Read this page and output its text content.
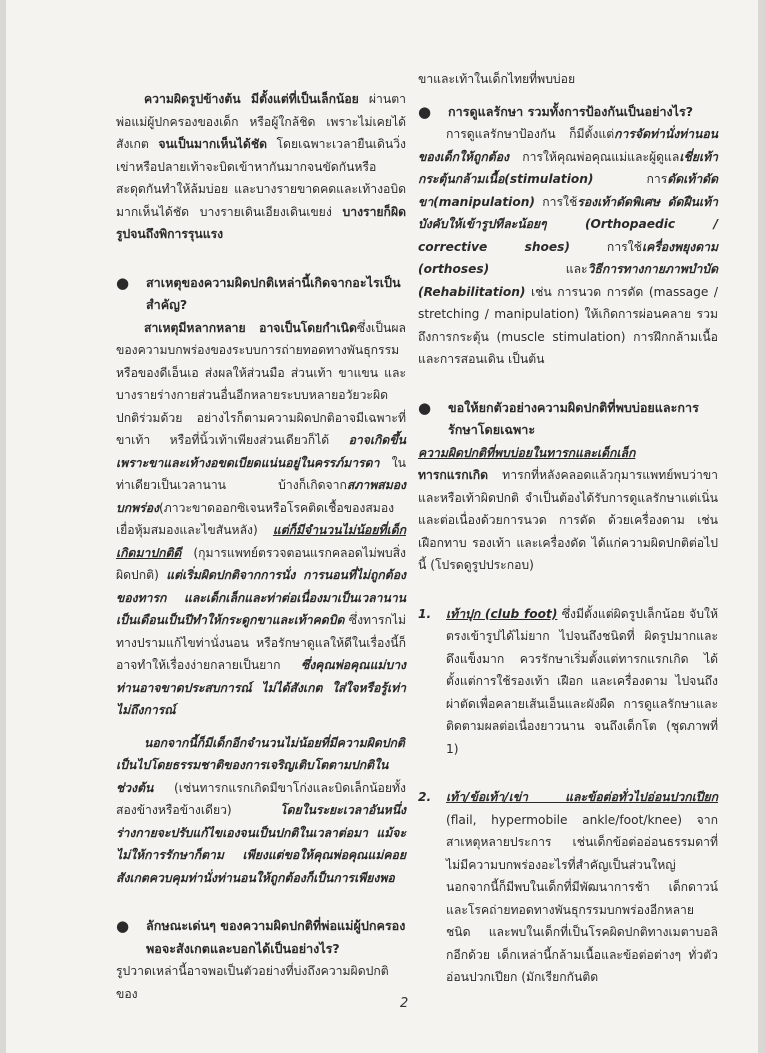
ความผิดรูปข้างต้น มีตั้งแต่ที่เป็นเล็กน้อย ผ่านตาพ่อแม่ผู้ปกครองของเด็ก หรือผู้ใกล้ชิด เพราะไม่เคยได้สังเกต จนเป็นมากเห็นได้ชัด โดยเฉพาะเวลายืนเดินวิ่ง เข่าหรือปลายเท้าจะบิดเข้าหากันมากจนขัดกันหรือสะดุดกันทำให้ล้มบ่อย และบางรายขาดคดและเท้างอบิดมากเห็นได้ชัด บางรายเดินเอียงเดินเขยง่ บางรายก็ผิดรูปจนถึงพิการรุนแรง

●	สาเหตุของความผิดปกติเหล่านี้เกิดจากอะไรเป็นสำคัญ?

สาเหตุมีหลากหลาย อาจเป็นโดยกำเนิดซึ่งเป็นผลของความบกพร่องของระบบการถ่ายทอดทางพันธุกรรมหรือของดีเอ็นเอ ส่งผลให้ส่วนมือ ส่วนเท้า ขาแขน และบางรายร่างกายส่วนอื่นอีกหลายระบบหลายอวัยวะผิดปกติร่วมด้วย อย่างไรก็ตามความผิดปกติอาจมีเฉพาะที่ขาเท้า หรือที่นิ้วเท้าเพียงส่วนเดียวก็ได้ อาจเกิดขึ้นเพราะขาและเท้างอขดเบียดแน่นอยู่ในครรภ์มารดา ในท่าเดียวเป็นเวลานาน บ้างก็เกิดจากสภาพสมองบกพร่อง(ภาวะขาดออกซิเจนหรือโรคติดเชื้อของสมอง เยื่อหุ้มสมองและไขสันหลัง) แต่ก็มีจำนวนไม่น้อยที่เด็กเกิดมาปกติดี (กุมารแพทย์ตรวจตอนแรกคลอดไม่พบสิ่งผิดปกติ) แต่เริ่มผิดปกติจากการนั่ง การนอนที่ไม่ถูกต้องของทารก และเด็กเล็กและท่าต่อเนื่องมาเป็นเวลานานเป็นเดือนเป็นปีทำให้กระดูกขาและเท้าคดบิด ซึ่งทารกไม่ทางปรามแก้ไขท่านั่งนอน หรือรักษาดูแลให้ดีในเรื่องนี้ก็อาจทำให้เรื่องง่ายกลายเป็นยาก ซึ่งคุณพ่อคุณแม่บางท่านอาจขาดประสบการณ์ ไม่ได้สังเกต ใส่ใจหรือรู้เท่าไม่ถึงการณ์

นอกจากนี้ก็มีเด็กอีกจำนวนไม่น้อยที่มีความผิดปกติเป็นไปโดยธรรมชาติของการเจริญเติบโตตามปกติในช่วงต้น (เช่นทารกแรกเกิดมีขาโก่งและบิดเล็กน้อยทั้งสองข้างหรือข้างเดียว) โดยในระยะเวลาอันหนึ่ง ร่างกายจะปรับแก้ไขเองจนเป็นปกติในเวลาต่อมา แม้จะไม่ให้การรักษาก็ตาม เพียงแต่ขอให้คุณพ่อคุณแม่คอยสังเกตควบคุมท่านั่งท่านอนให้ถูกต้องก็เป็นการเพียงพอ

●	ลักษณะเด่นๆ ของความผิดปกติที่พ่อแม่ผู้ปกครองพอจะสังเกตและบอกได้เป็นอย่างไร?

รูปวาดเหล่านี้อาจพอเป็นตัวอย่างที่บ่งถึงความผิดปกติของ

ขาและเท้าในเด็กไทยที่พบบ่อย

●	การดูแลรักษา รวมทั้งการป้องกันเป็นอย่างไร?

การดูแลรักษาป้องกัน ก็มีตั้งแต่การจัดท่านั่งท่านอนของเด็กให้ถูกต้อง การให้คุณพ่อคุณแม่และผู้ดูแลเชี่ยเท้ากระตุ้นกล้ามเนื้อ(stimulation) การดัดเท้าดัดขา(manipulation) การใช้รองเท้าดัดพิเศษ ดัดฝืนเท้าบังคับให้เข้ารูปทีละน้อยๆ (Orthopaedic / corrective shoes) การใช้เครื่องพยุงดาม (orthoses) และวิธีการทางกายภาพบำบัด (Rehabilitation) เช่น การนวด การดัด (massage / stretching / manipulation) ให้เกิดการผ่อนคลาย รวมถึงการกระตุ้น (muscle stimulation) การฝึกกล้ามเนื้อ และการสอนเดิน เป็นต้น

●	ขอให้ยกตัวอย่างความผิดปกติที่พบบ่อยและการรักษาโดยเฉพาะ

ความผิดปกติที่พบบ่อยในทารกและเด็กเล็ก

ทารกแรกเกิด ทารกที่หลังคลอดแล้วกุมารแพทย์พบว่าขาและหรือเท้าผิดปกติ จำเป็นต้องได้รับการดูแลรักษาแต่เนิ่นและต่อเนื่องด้วยการนวด การดัด ด้วยเครื่องดาม เช่น เฝือกทาบ รองเท้า และเครื่องดัด ได้แก่ความผิดปกติต่อไปนี้ (โปรดดูรูปประกอบ)

1.	เท้าปุก (club foot) ซึ่งมีตั้งแต่ผิดรูปเล็กน้อย จับให้ตรงเข้ารูปได้ไม่ยาก ไปจนถึงชนิดที่ ผิดรูปมากและดึงแข็งมาก ควรรักษาเริ่มตั้งแต่ทารกแรกเกิด ได้ตั้งแต่การใช้รองเท้า เฝือก และเครื่องดาม ไปจนถึงผ่าตัดเพื่อคลายเส้นเอ็นและผังผืด การดูแลรักษาและติดตามผลต่อเนื่องยาวนาน จนถึงเด็กโต (ชุดภาพที่ 1)
2.	เท้า/ข้อเท้า/เข่า และข้อต่อทั่วไปอ่อนปวกเปียก (flail, hypermobile ankle/foot/knee) จากสาเหตุหลายประการ เช่นเด็กข้อต่ออ่อนธรรมดาที่ไม่มีความบกพร่องอะไรที่สำคัญเป็นส่วนใหญ่ นอกจากนี้ก็มีพบในเด็กที่มีพัฒนาการช้า เด็กดาวน์ และโรคถ่ายทอดทางพันธุกรรมบกพร่องอีกหลายชนิด และพบในเด็กที่เป็นโรคผิดปกติทางเมตาบอลิกอีกด้วย เด็กเหล่านี้กล้ามเนื้อและข้อต่อต่างๆ ทั่วตัวอ่อนปวกเปียก (มักเรียกกันติด
2
